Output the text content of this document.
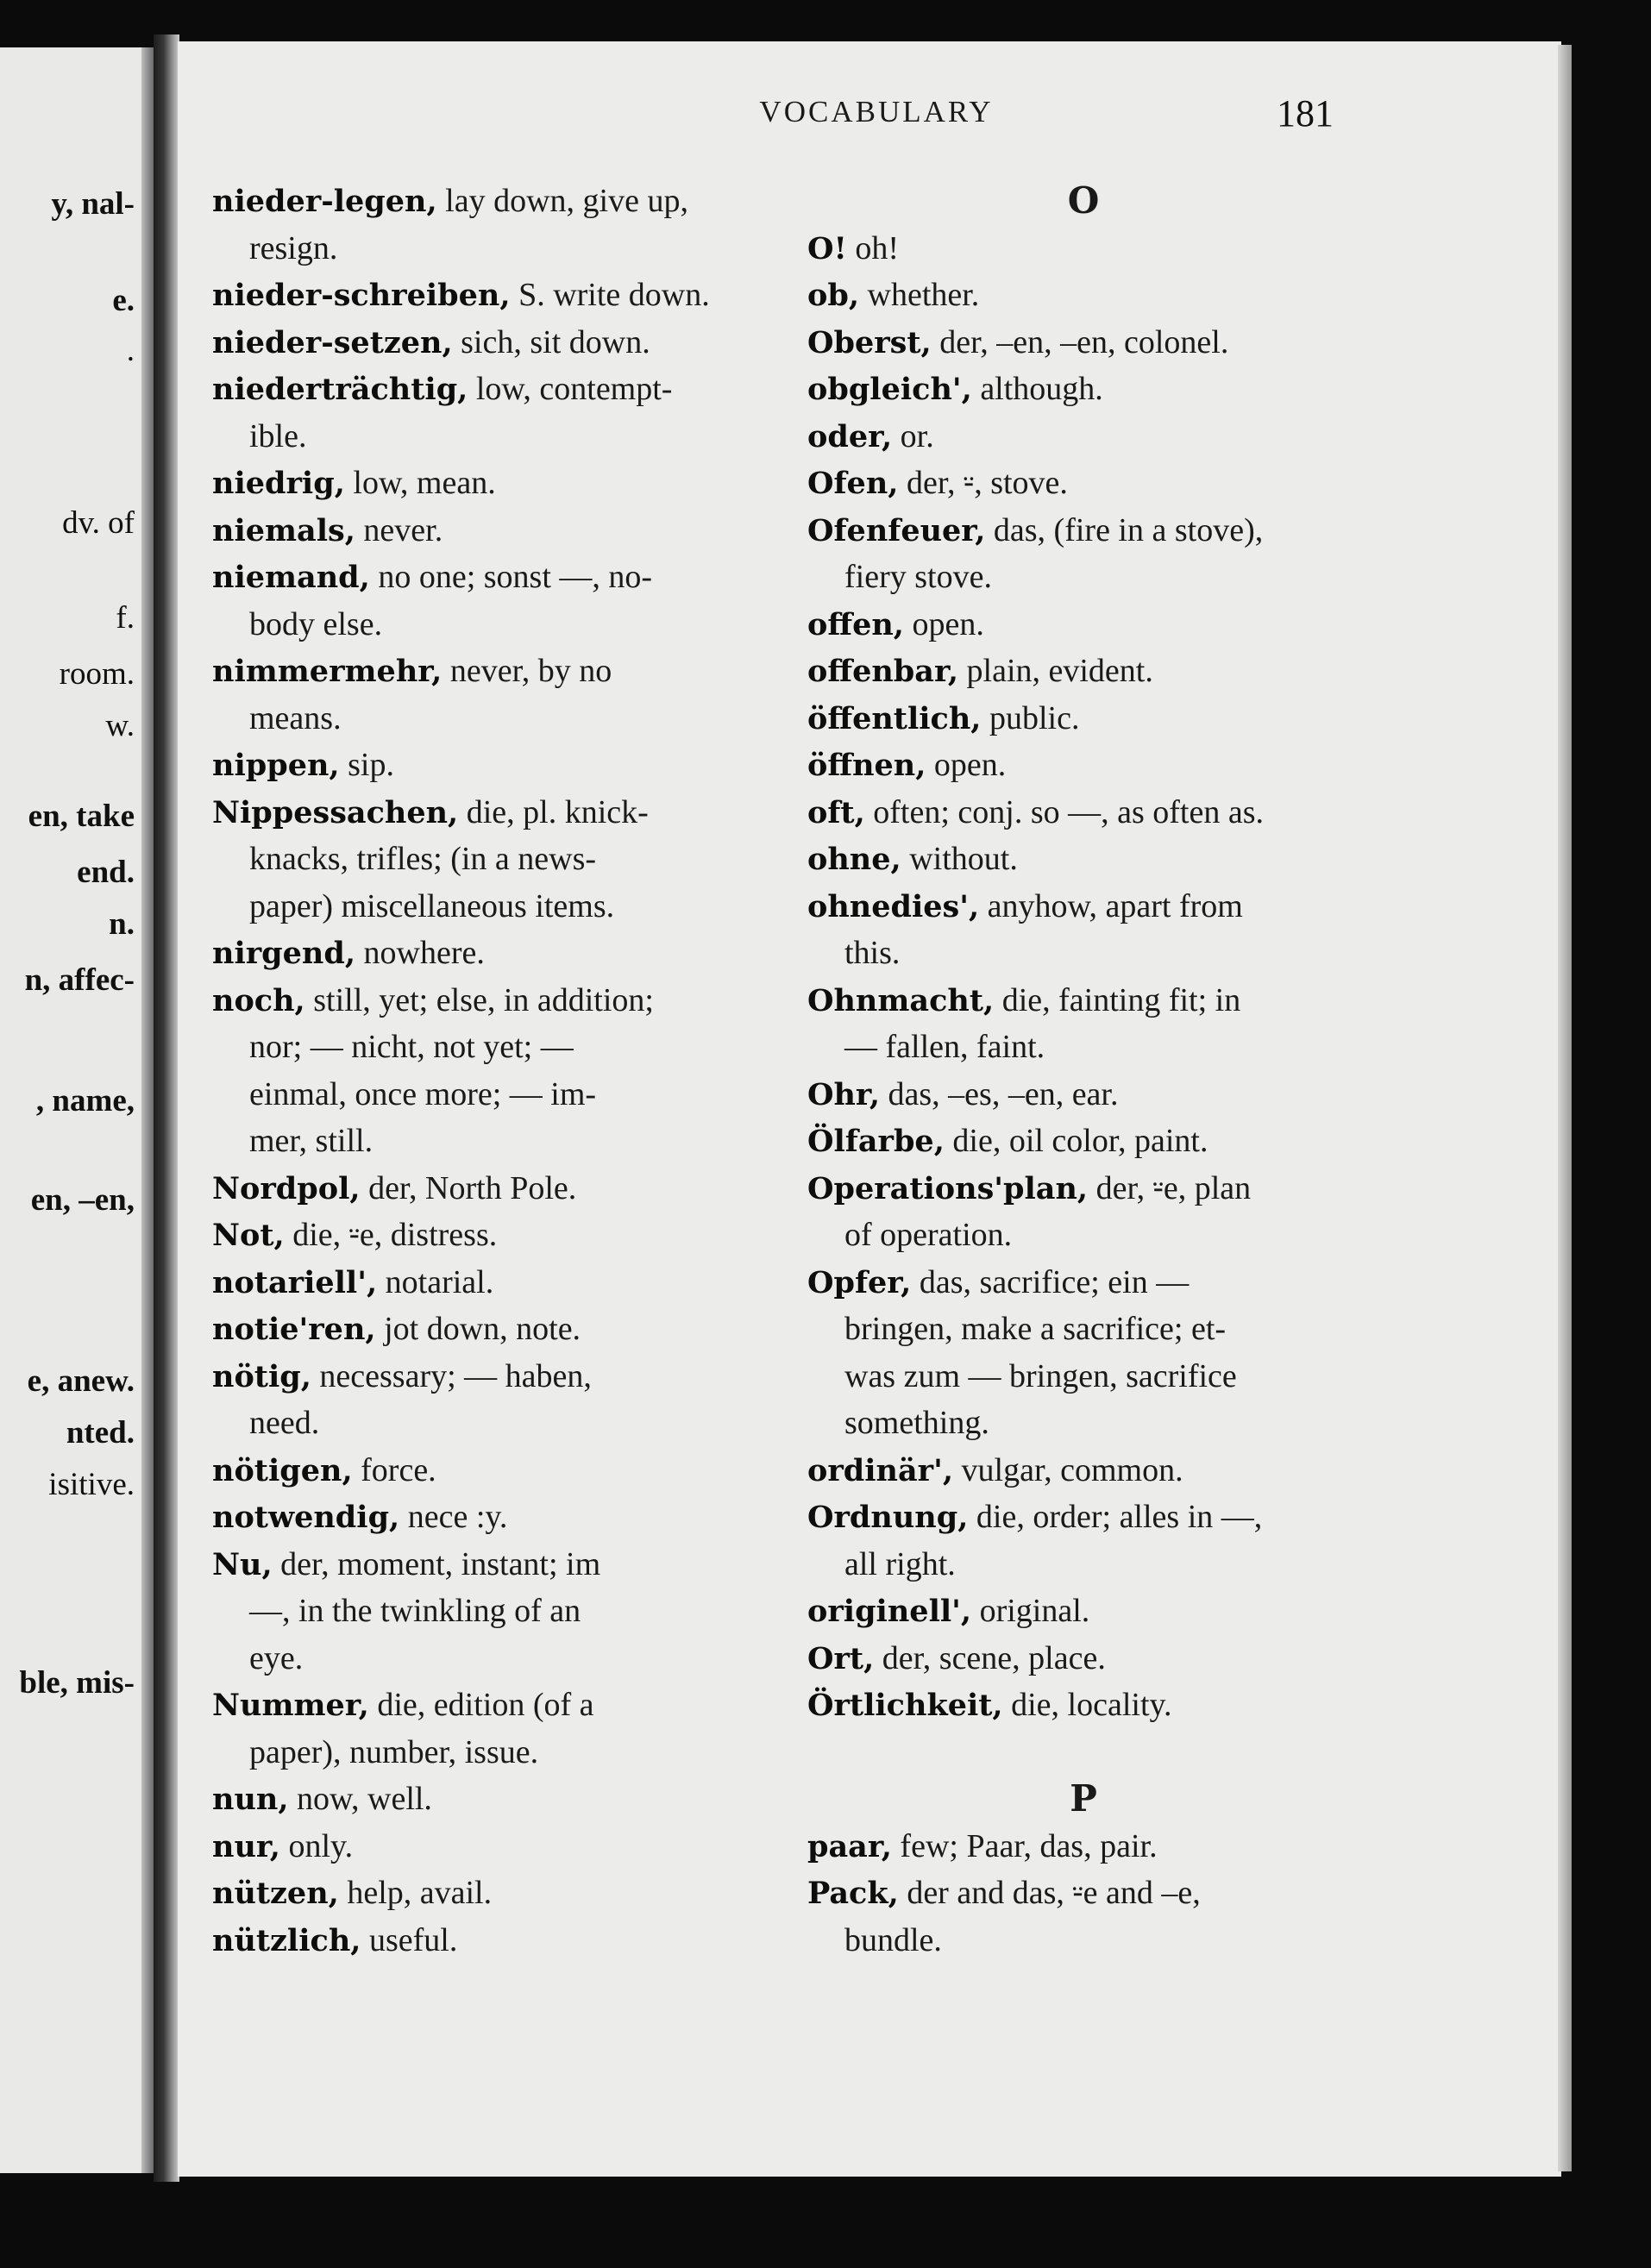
y, nal-
e.
.
dv. of
f.
room.
w.
en, take
end.
n.
n, affec-
, name,
en, –en,
e, anew.
nted.
isitive.
ble, mis-
VOCABULARY	181
nieder-legen, lay down, give up,
resign.
nieder-schreiben, S. write down.
nieder-setzen, sich, sit down.
niederträchtig, low, contempt-
ible.
niedrig, low, mean.
niemals, never.
niemand, no one; sonst —, no-
body else.
nimmermehr, never, by no
means.
nippen, sip.
Nippessachen, die, pl. knick-
knacks, trifles; (in a news-
paper) miscellaneous items.
nirgend, nowhere.
noch, still, yet; else, in addition;
nor; — nicht, not yet; —
einmal, once more; — im-
mer, still.
Nordpol, der, North Pole.
Not, die, ⸚e, distress.
notariell', notarial.
notie'ren, jot down, note.
nötig, necessary; — haben,
need.
nötigen, force.
notwendig, nece :y.
Nu, der, moment, instant; im
—, in the twinkling of an
eye.
Nummer, die, edition (of a
paper), number, issue.
nun, now, well.
nur, only.
nützen, help, avail.
nützlich, useful.
O
O! oh!
ob, whether.
Oberst, der, –en, –en, colonel.
obgleich', although.
oder, or.
Ofen, der, ⸚, stove.
Ofenfeuer, das, (fire in a stove),
fiery stove.
offen, open.
offenbar, plain, evident.
öffentlich, public.
öffnen, open.
oft, often; conj. so —, as often as.
ohne, without.
ohnedies', anyhow, apart from
this.
Ohnmacht, die, fainting fit; in
— fallen, faint.
Ohr, das, –es, –en, ear.
Ölfarbe, die, oil color, paint.
Operations'plan, der, ⸚e, plan
of operation.
Opfer, das, sacrifice; ein —
bringen, make a sacrifice; et-
was zum — bringen, sacrifice
something.
ordinär', vulgar, common.
Ordnung, die, order; alles in —,
all right.
originell', original.
Ort, der, scene, place.
Örtlichkeit, die, locality.
P
paar, few; Paar, das, pair.
Pack, der and das, ⸚e and –e,
bundle.
